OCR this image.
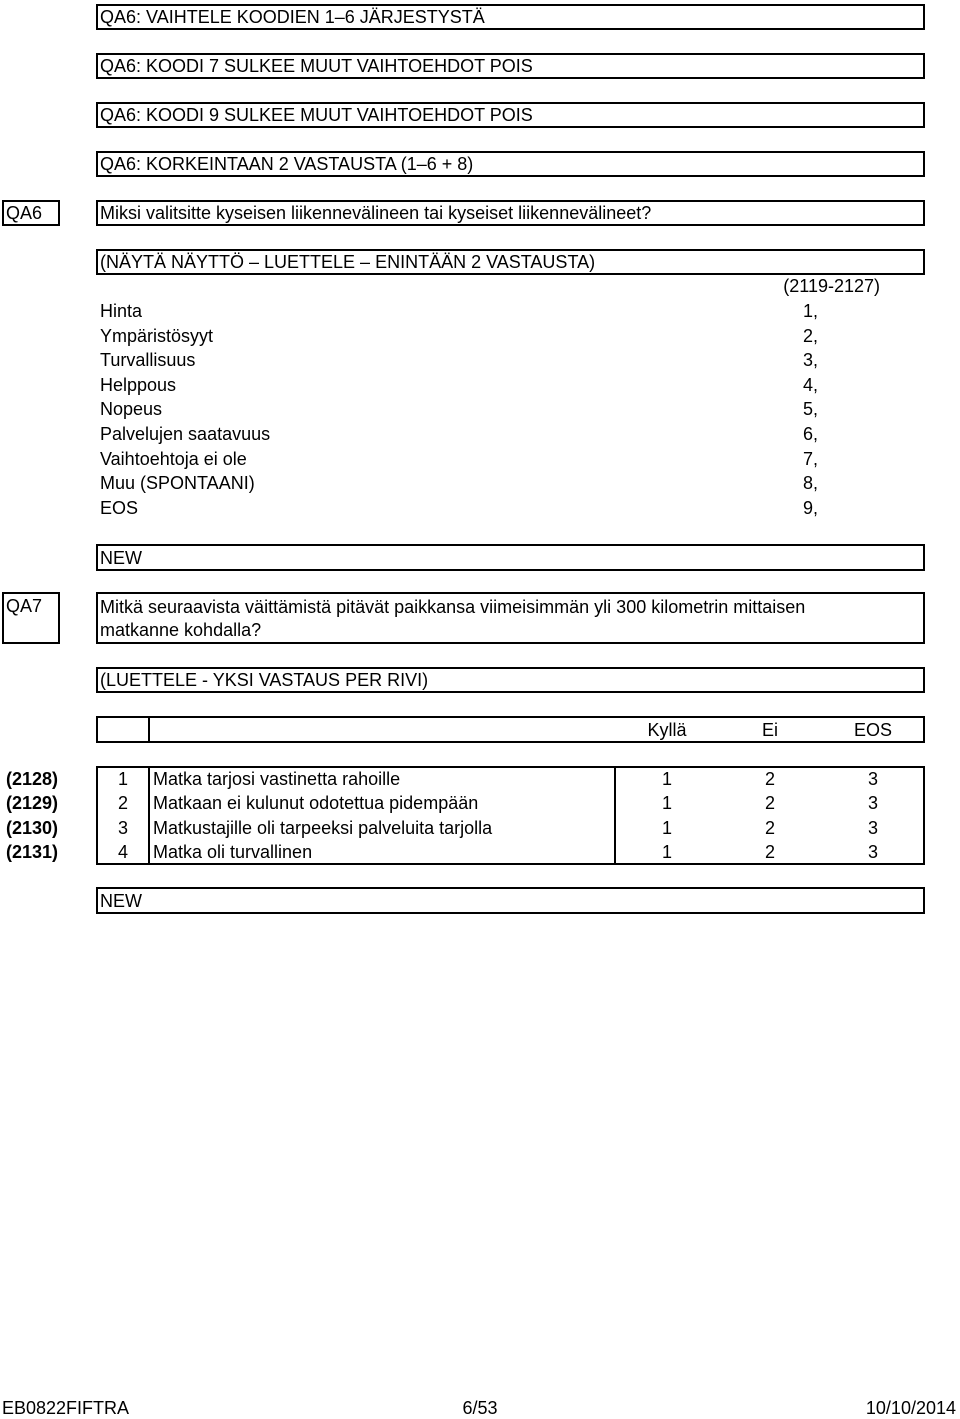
QA6: VAIHTELE KOODIEN 1–6 JÄRJESTYSTÄ
QA6: KOODI 7 SULKEE MUUT VAIHTOEHDOT POIS
QA6: KOODI 9 SULKEE MUUT VAIHTOEHDOT POIS
QA6: KORKEINTAAN 2 VASTAUSTA (1–6 + 8)
QA6	Miksi valitsitte kyseisen liikennevälineen tai kyseiset liikennevälineet?
(NÄYTÄ NÄYTTÖ – LUETTELE – ENINTÄÄN 2 VASTAUSTA)
(2119-2127)
Hinta	1,
Ympäristösyyt	2,
Turvallisuus	3,
Helppous	4,
Nopeus	5,
Palvelujen saatavuus	6,
Vaihtoehtoja ei ole	7,
Muu (SPONTAANI)	8,
EOS	9,
NEW
QA7	Mitkä seuraavista väittämistä pitävät paikkansa viimeisimmän yli 300 kilometrin mittaisen
matkanne kohdalla?
(LUETTELE - YKSI VASTAUS PER RIVI)
Kyllä	Ei	EOS
(2128)	1 Matka tarjosi vastinetta rahoille	1	2	3
(2129)	2 Matkaan ei kulunut odotettua pidempään	1	2	3
(2130)	3 Matkustajille oli tarpeeksi palveluita tarjolla	1	2	3
(2131)	4 Matka oli turvallinen	1	2	3
NEW
EB0822FIFTRA	6/53	10/10/2014
